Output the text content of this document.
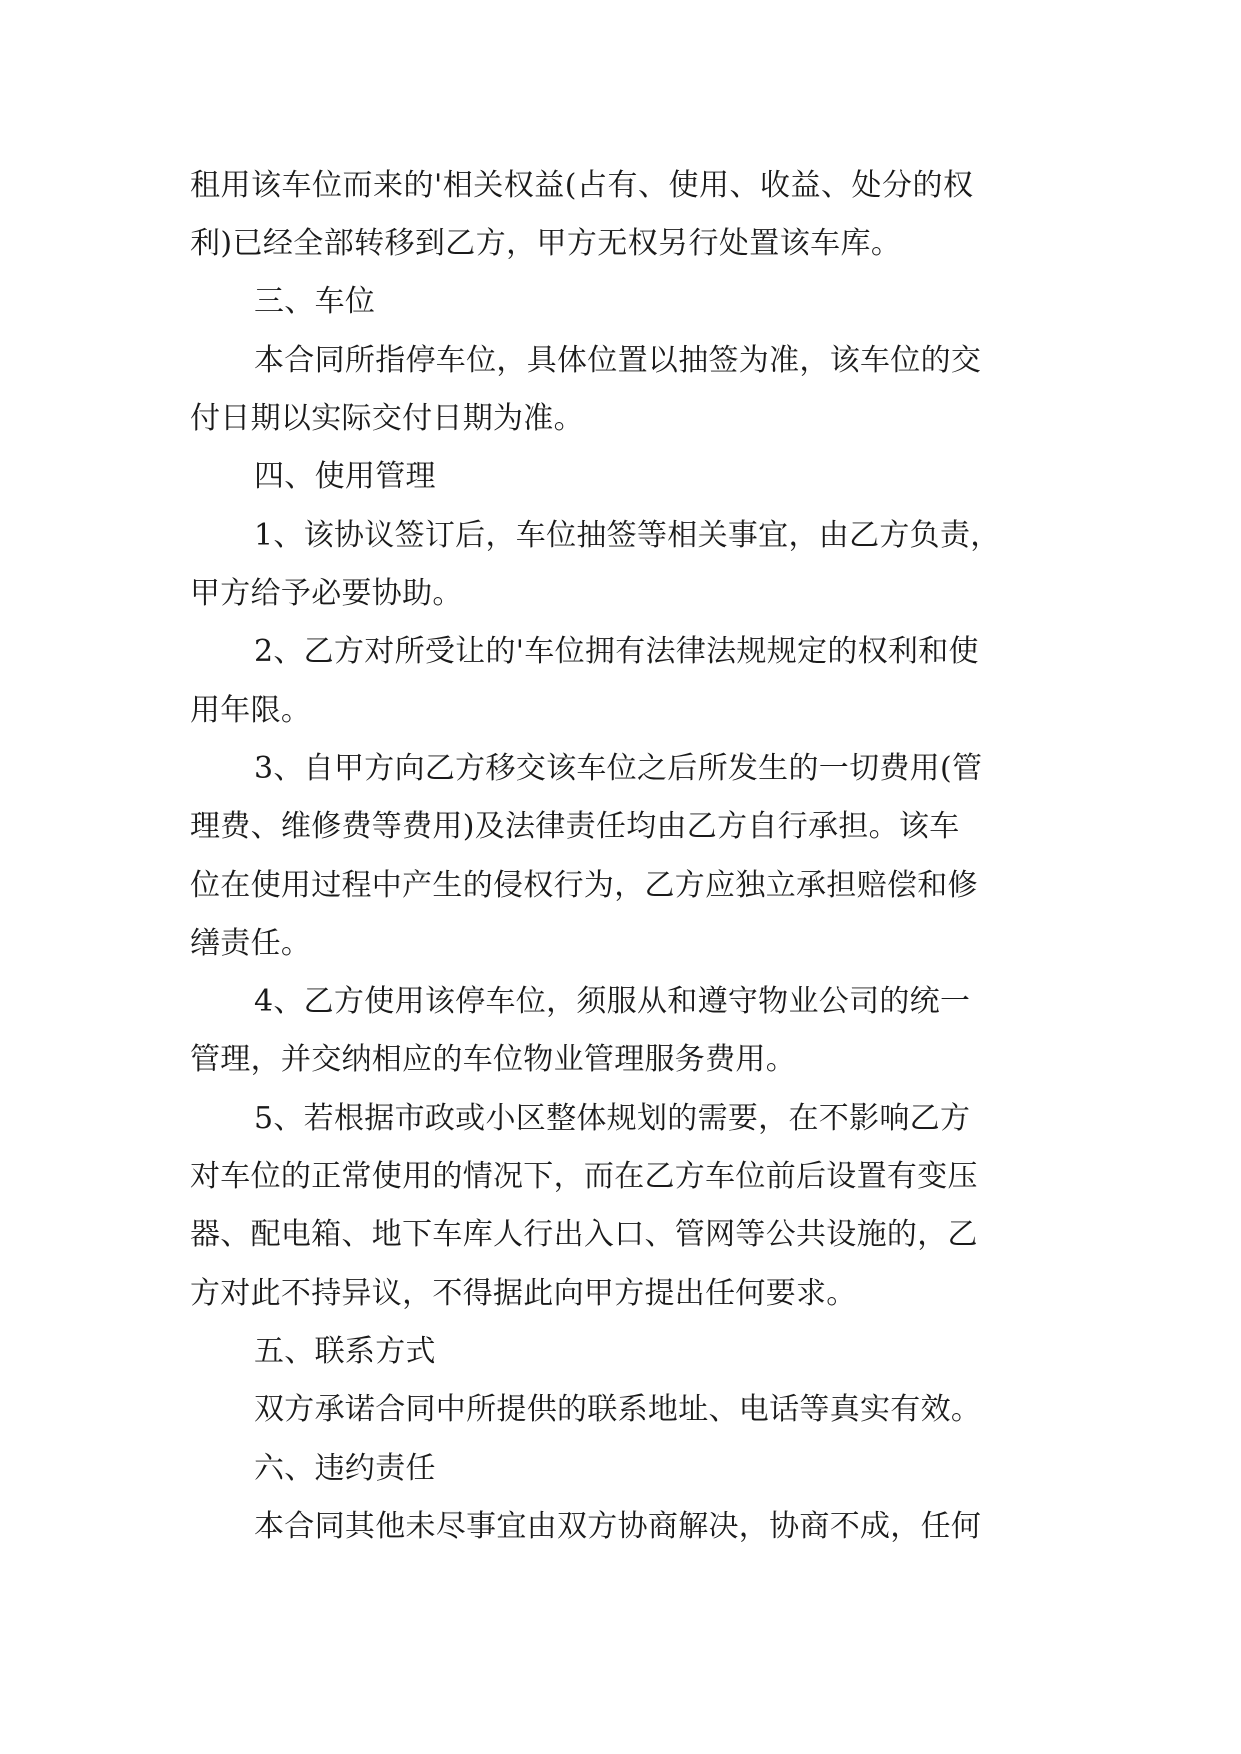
租用该车位而来的'相关权益(占有、使用、收益、处分的权
利)已经全部转移到乙方，甲方无权另行处置该车库。
三、车位
本合同所指停车位，具体位置以抽签为准，该车位的交
付日期以实际交付日期为准。
四、使用管理
1、该协议签订后，车位抽签等相关事宜，由乙方负责，
甲方给予必要协助。
2、乙方对所受让的'车位拥有法律法规规定的权利和使
用年限。
3、自甲方向乙方移交该车位之后所发生的一切费用(管
理费、维修费等费用)及法律责任均由乙方自行承担。该车
位在使用过程中产生的侵权行为，乙方应独立承担赔偿和修
缮责任。
4、乙方使用该停车位，须服从和遵守物业公司的统一
管理，并交纳相应的车位物业管理服务费用。
5、若根据市政或小区整体规划的需要，在不影响乙方
对车位的正常使用的情况下，而在乙方车位前后设置有变压
器、配电箱、地下车库人行出入口、管网等公共设施的，乙
方对此不持异议，不得据此向甲方提出任何要求。
五、联系方式
双方承诺合同中所提供的联系地址、电话等真实有效。
六、违约责任
本合同其他未尽事宜由双方协商解决，协商不成，任何
